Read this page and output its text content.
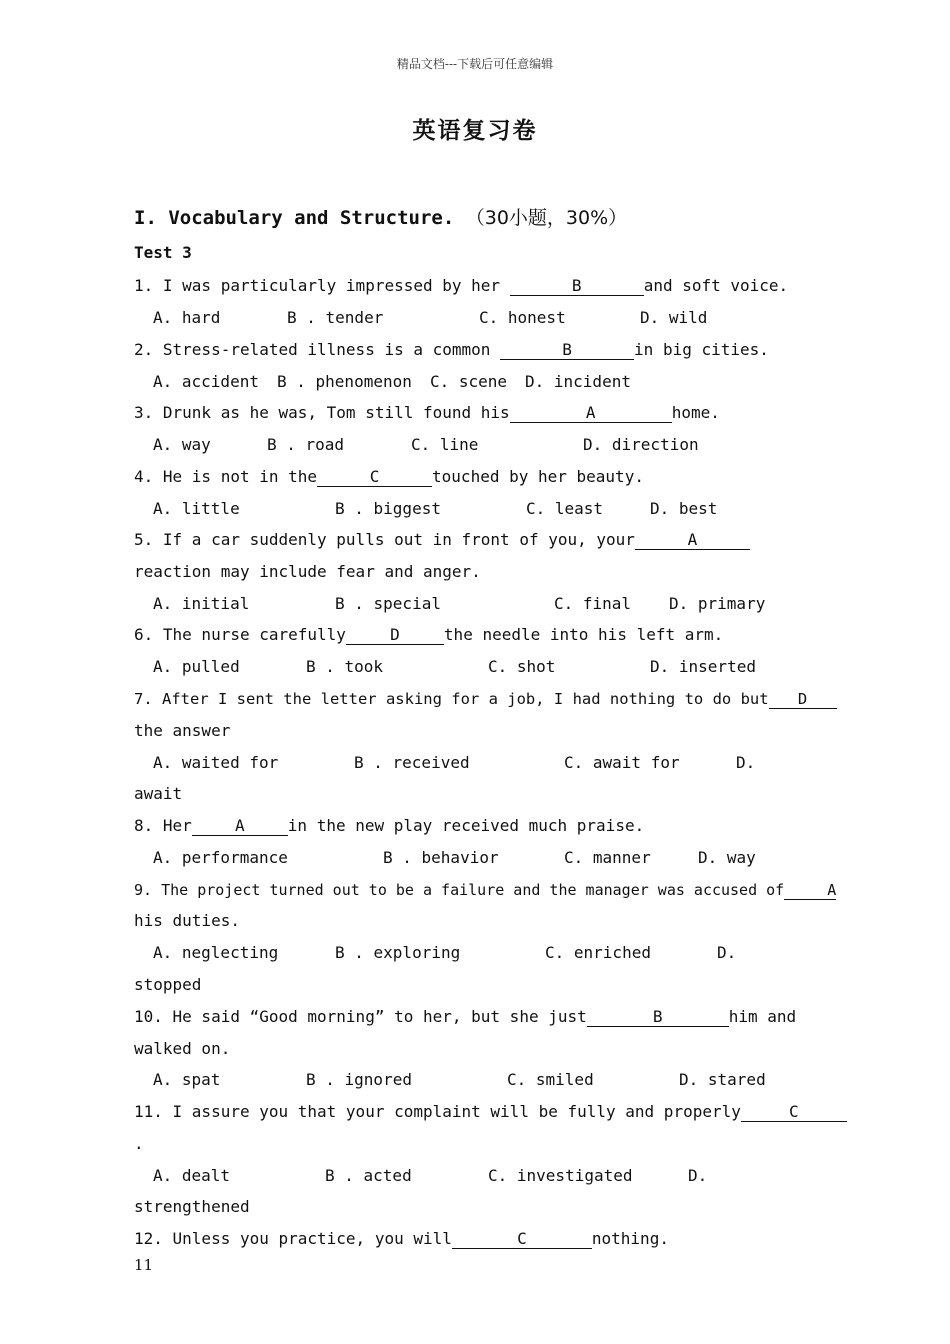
精品文档---下载后可任意编辑
英语复习卷
I. Vocabulary and Structure. （30小题，30%）
Test 3
1. I was particularly impressed by her	B	and soft voice.

A. hard

	B . tender

	C. honest

	D. wild

2. Stress-related illness is a common	B	in big cities.

A. accident

B . phenomenon

C. scene

D. incident

3. Drunk as he was, Tom still found his	A	home.

A. way

	B . road

	C. line

	D. direction

4. He is not in the	C	touched by her beauty.

A. little

	B . biggest

	C. least

	D. best

5. If a car suddenly pulls out in front of you, your	A
reaction may include fear and anger.

A. initial

	B . special

	C. final

D. primary

6. The nurse carefully	D	the needle into his left arm.

A. pulled

	B . took

	C. shot

	D. inserted

7. After I sent the letter asking for a job, I had nothing to do but D
the answer

A. waited for

	B . received

	C. await for

	D.

await
8. Her	A	in the new play received much praise.

A. performance

	B . behavior

	C. manner

	D. way

9. The project turned out to be a failure and the manager was accused of	A
his duties.

A. neglecting

	B . exploring

	C. enriched

	D.

stopped
10. He said “Good morning” to her, but she just	B	him and
walked on.

A. spat

	B . ignored

	C. smiled

	D. stared

11. I assure you that your complaint will be fully and properly	C
.

A. dealt

	B . acted

	C. investigated

	D.

strengthened
12. Unless you practice, you will	C	nothing.
11
